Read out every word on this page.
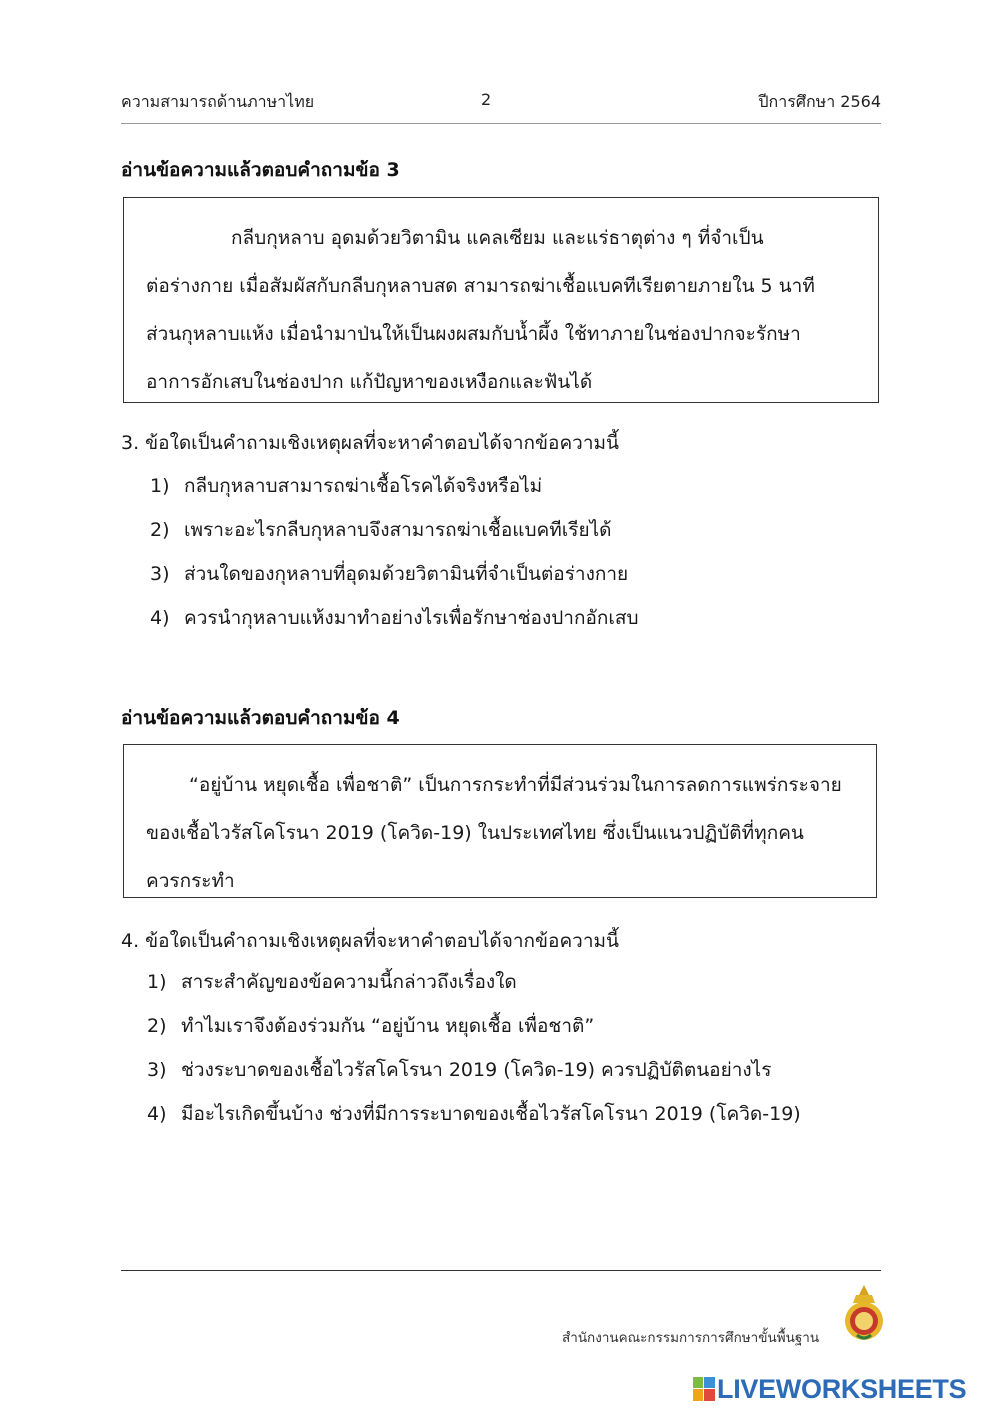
ความสามารถด้านภาษาไทย	2	ปีการศึกษา 2564
อ่านข้อความแล้วตอบคำถามข้อ 3
กลีบกุหลาบ อุดมด้วยวิตามิน แคลเซียม และแร่ธาตุต่าง ๆ ที่จำเป็น
ต่อร่างกาย เมื่อสัมผัสกับกลีบกุหลาบสด สามารถฆ่าเชื้อแบคทีเรียตายภายใน 5 นาที
ส่วนกุหลาบแห้ง เมื่อนำมาป่นให้เป็นผงผสมกับน้ำผึ้ง ใช้ทาภายในช่องปากจะรักษา
อาการอักเสบในช่องปาก แก้ปัญหาของเหงือกและฟันได้
3. ข้อใดเป็นคำถามเชิงเหตุผลที่จะหาคำตอบได้จากข้อความนี้
1) กลีบกุหลาบสามารถฆ่าเชื้อโรคได้จริงหรือไม่
2) เพราะอะไรกลีบกุหลาบจึงสามารถฆ่าเชื้อแบคทีเรียได้
3) ส่วนใดของกุหลาบที่อุดมด้วยวิตามินที่จำเป็นต่อร่างกาย
4) ควรนำกุหลาบแห้งมาทำอย่างไรเพื่อรักษาช่องปากอักเสบ
อ่านข้อความแล้วตอบคำถามข้อ 4
“อยู่บ้าน หยุดเชื้อ เพื่อชาติ” เป็นการกระทำที่มีส่วนร่วมในการลดการแพร่กระจาย
ของเชื้อไวรัสโคโรนา 2019 (โควิด-19) ในประเทศไทย ซึ่งเป็นแนวปฏิบัติที่ทุกคน
ควรกระทำ
4. ข้อใดเป็นคำถามเชิงเหตุผลที่จะหาคำตอบได้จากข้อความนี้
1) สาระสำคัญของข้อความนี้กล่าวถึงเรื่องใด
2) ทำไมเราจึงต้องร่วมกัน “อยู่บ้าน หยุดเชื้อ เพื่อชาติ”
3) ช่วงระบาดของเชื้อไวรัสโคโรนา 2019 (โควิด-19) ควรปฏิบัติตนอย่างไร
4) มีอะไรเกิดขึ้นบ้าง ช่วงที่มีการระบาดของเชื้อไวรัสโคโรนา 2019 (โควิด-19)
สำนักงานคณะกรรมการการศึกษาขั้นพื้นฐาน
LIVEWORKSHEETS
